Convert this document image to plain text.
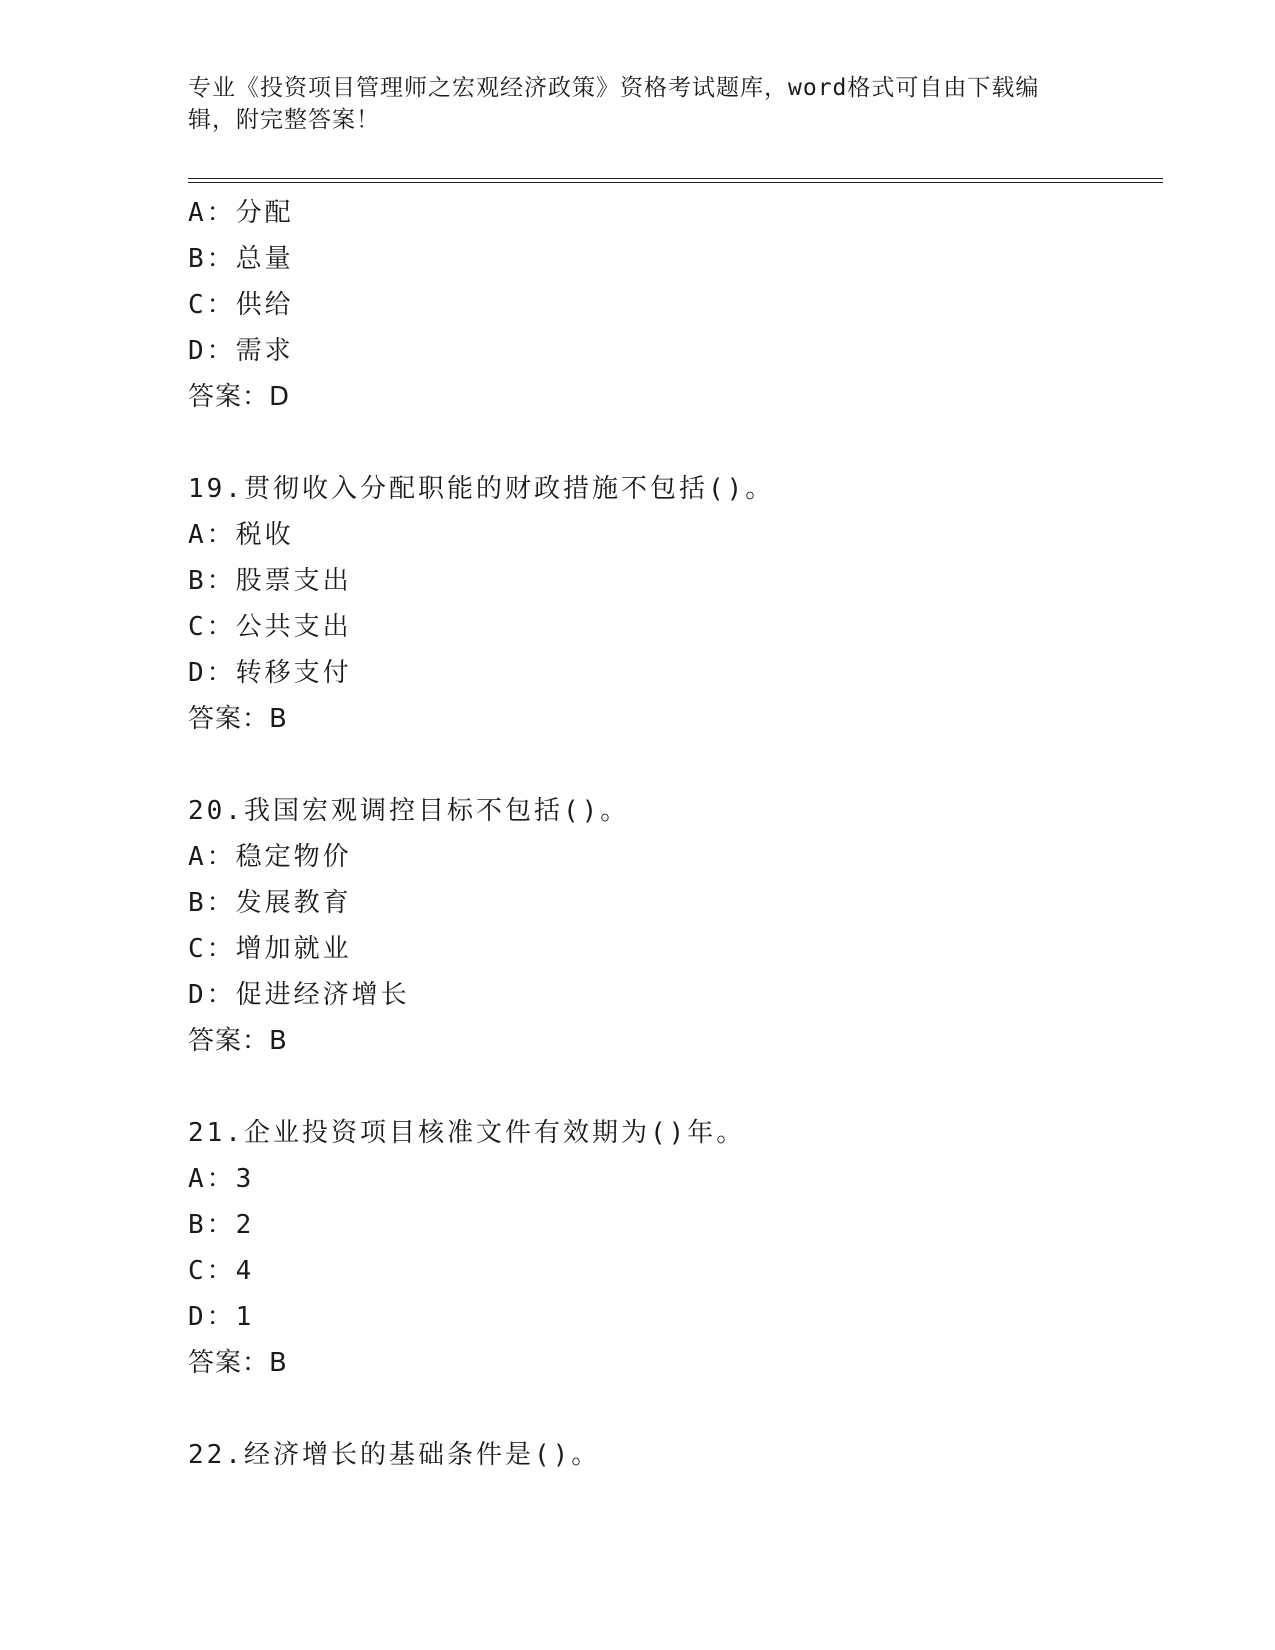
专业《投资项目管理师之宏观经济政策》资格考试题库，word格式可自由下载编
辑，附完整答案！
A：分配
B：总量
C：供给
D：需求
答案：D
19.贯彻收入分配职能的财政措施不包括()。
A：税收
B：股票支出
C：公共支出
D：转移支付
答案：B
20.我国宏观调控目标不包括()。
A：稳定物价
B：发展教育
C：增加就业
D：促进经济增长
答案：B
21.企业投资项目核准文件有效期为()年。
A：3
B：2
C：4
D：1
答案：B
22.经济增长的基础条件是()。
